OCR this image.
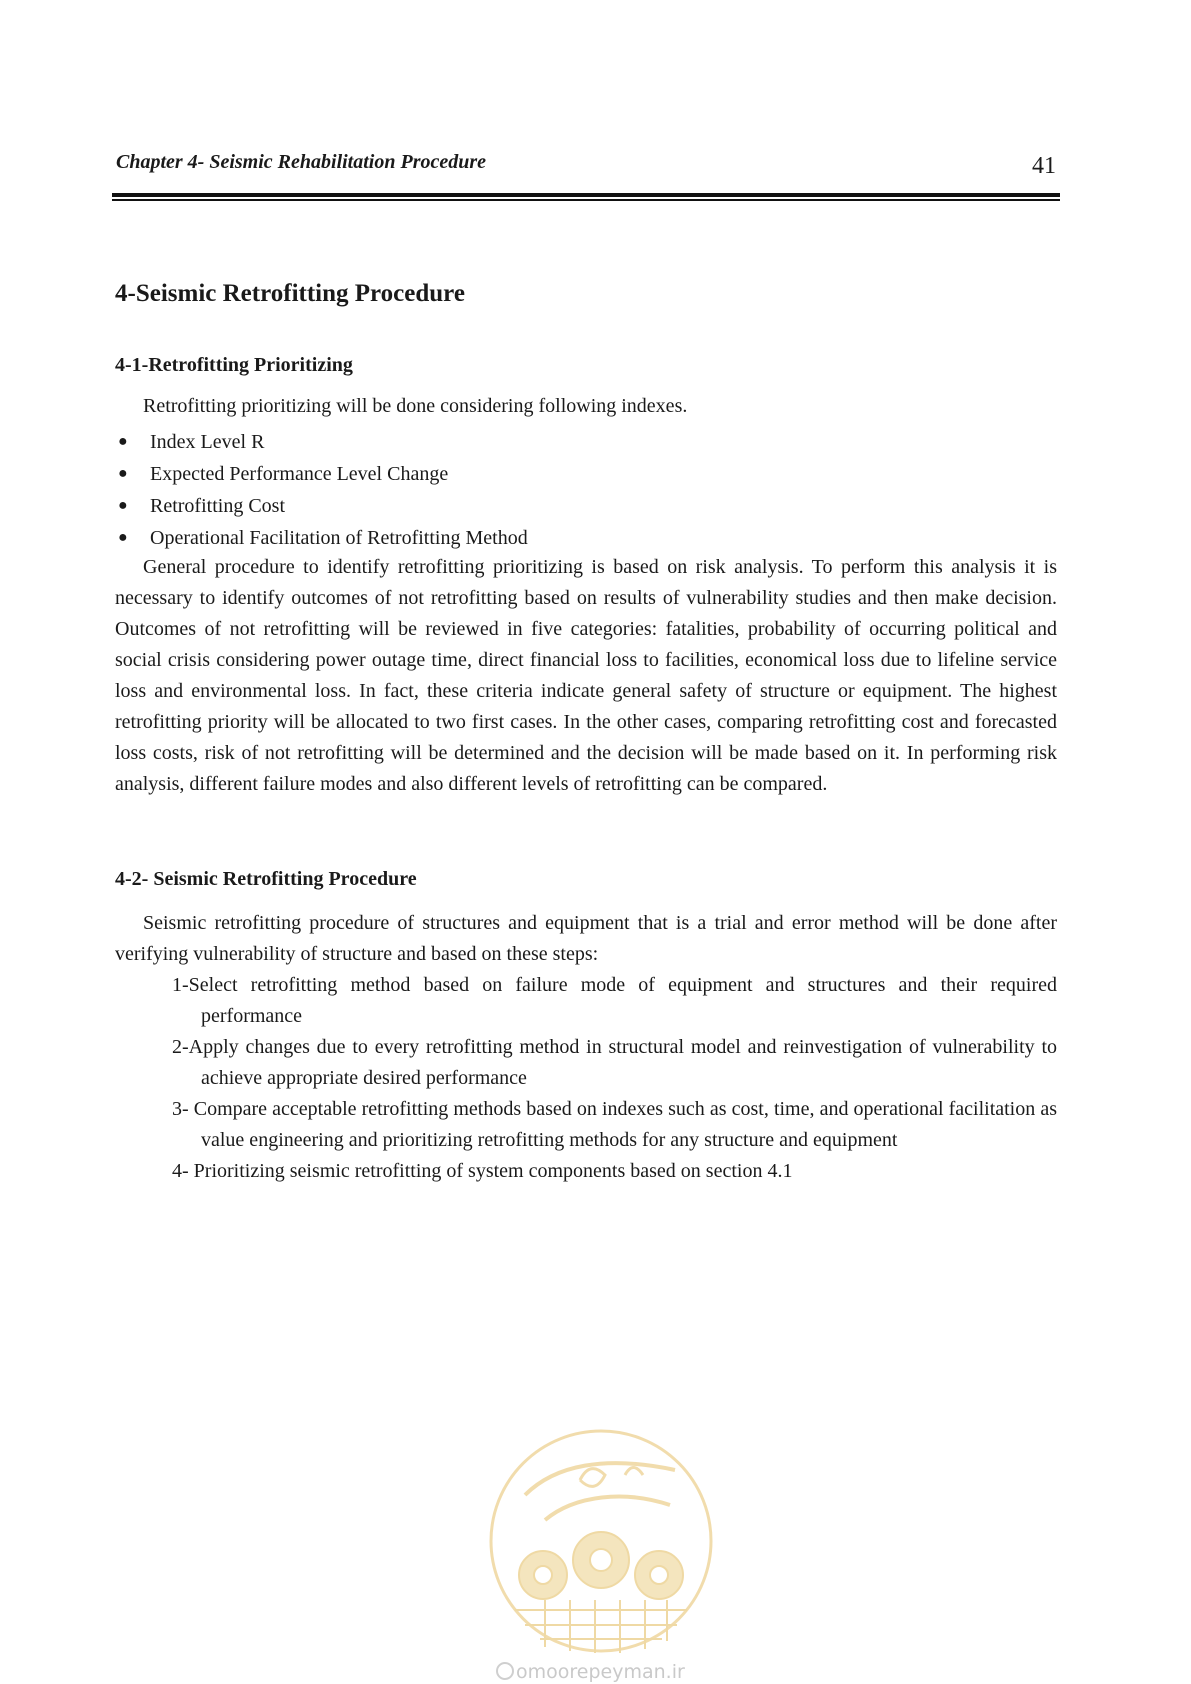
Chapter 4- Seismic Rehabilitation Procedure	41
4-Seismic Retrofitting Procedure
4-1-Retrofitting Prioritizing
Retrofitting prioritizing will be done considering following indexes.
● Index Level R
● Expected Performance Level Change
● Retrofitting Cost
● Operational Facilitation of Retrofitting Method

General procedure to identify retrofitting prioritizing is based on risk analysis. To perform this analysis it is necessary to identify outcomes of not retrofitting based on results of vulnerability studies and then make decision. Outcomes of not retrofitting will be reviewed in five categories: fatalities, probability of occurring political and social crisis considering power outage time, direct financial loss to facilities, economical loss due to lifeline service loss and environmental loss. In fact, these criteria indicate general safety of structure or equipment. The highest retrofitting priority will be allocated to two first cases. In the other cases, comparing retrofitting cost and forecasted loss costs, risk of not retrofitting will be determined and the decision will be made based on it. In performing risk analysis, different failure modes and also different levels of retrofitting can be compared.

4-2- Seismic Retrofitting Procedure

Seismic retrofitting procedure of structures and equipment that is a trial and error method will be done after verifying vulnerability of structure and based on these steps:

1-Select retrofitting method based on failure mode of equipment and structures and their required performance
2-Apply changes due to every retrofitting method in structural model and reinvestigation of vulnerability to achieve appropriate desired performance
3- Compare acceptable retrofitting methods based on indexes such as cost, time, and operational facilitation as value engineering and prioritizing retrofitting methods for any structure and equipment
4- Prioritizing seismic retrofitting of system components based on section 4.1
omoorepeyman.ir
